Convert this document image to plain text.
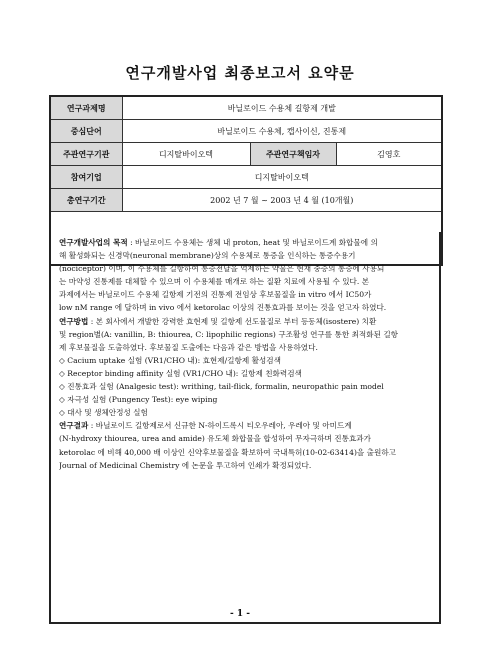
연구개발사업 최종보고서 요약문
연구과제명	바닐로이드 수용체 길항제 개발		
중심단어	바닐로이드 수용체, 캡사이신, 진통제		
주관연구기관	디지탈바이오텍	주관연구책임자	김영호
참여기업	디지탈바이오텍		
총연구기간	2002 년 7 월 ~ 2003 년 4 월 (10개월)		

연구개발사업의 목적 : 바닐로이드 수용체는 생체 내 proton, heat 및 바닐로이드계 화합물에 의
해 활성화되는 신경막(neuronal membrane)상의 수용체로 통증을 인식하는 통증수용기
(nociceptor) 이며, 이 수용체를 길항하여 통증전달을 억제하는 약물은 현재 중증의 통증에 사용되
는 마약성 진통제를 대체할 수 있으며 이 수용체를 매개로 하는 질환 치료에 사용될 수 있다. 본
과제에서는 바닐로이드 수용체 길항제 기전의 진통제 전임상 후보물질을 in vitro 에서 IC50가
low nM range 에 달하며 in vivo 에서 ketorolac 이상의 진통효과를 보이는 것을 얻고자 하였다.
연구방법 : 본 회사에서 개발한 강력한 효현제 및 길항제 선도물질로 부터 등동체(isostere) 치환
및 region별(A: vanillin, B: thiourea, C: lipophilic regions) 구조활성 연구를 통한 최적화된 길항
제 후보물질을 도출하였다. 후보물질 도출에는 다음과 같은 방법을 사용하였다.
◇ Cacium uptake 실험 (VR1/CHO 내): 효현제/길항제 활성검색
◇ Receptor binding affinity 실험 (VR1/CHO 내): 길항제 친화력검색
◇ 진통효과 실험 (Analgesic test): writhing, tail-flick, formalin, neuropathic pain model
◇ 자극성 실험 (Pungency Test): eye wiping
◇ 대사 및 생체안정성 실험
연구결과 : 바닐로이드 길항제로서 신규한 N-하이드록시 티오우레아, 우레아 및 아미드계
(N-hydroxy thiourea, urea and amide) 유도체 화합물을 합성하여 무자극하며 진통효과가
ketorolac 에 비해 40,000 배 이상인 신약후보물질을 확보하여 국내특허(10-02-63414)을 출원하고
Journal of Medicinal Chemistry 에 논문을 투고하여 인쇄가 확정되었다.
- 1 -
